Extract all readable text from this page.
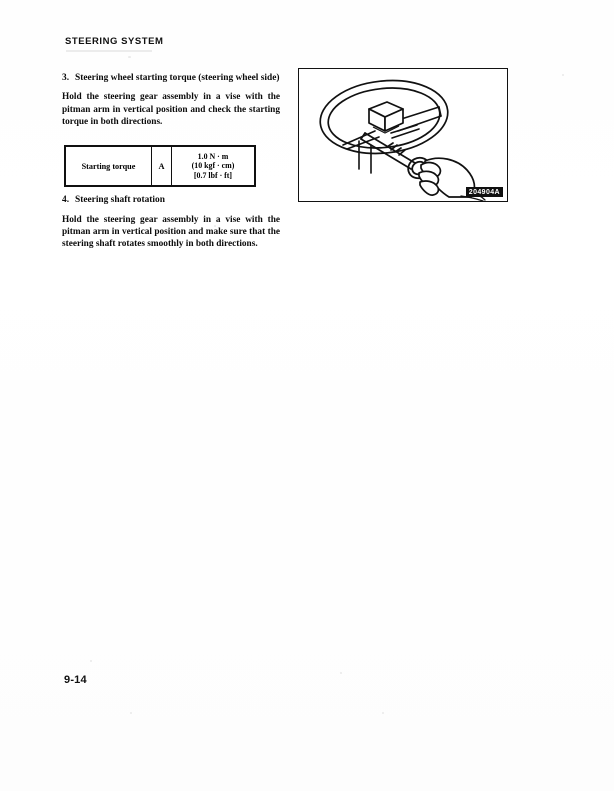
STEERING SYSTEM
3. Steering wheel starting torque (steering wheel side)

Hold the steering gear assembly in a vise with the pitman arm in vertical position and check the starting torque in both directions.

4. Steering shaft rotation

Hold the steering gear assembly in a vise with the pitman arm in vertical position and make sure that the steering shaft rotates smoothly in both directions.

Starting torque	A
1.0 N · m
(10 kgf · cm)
[0.7 lbf · ft]
204904A
9-14
